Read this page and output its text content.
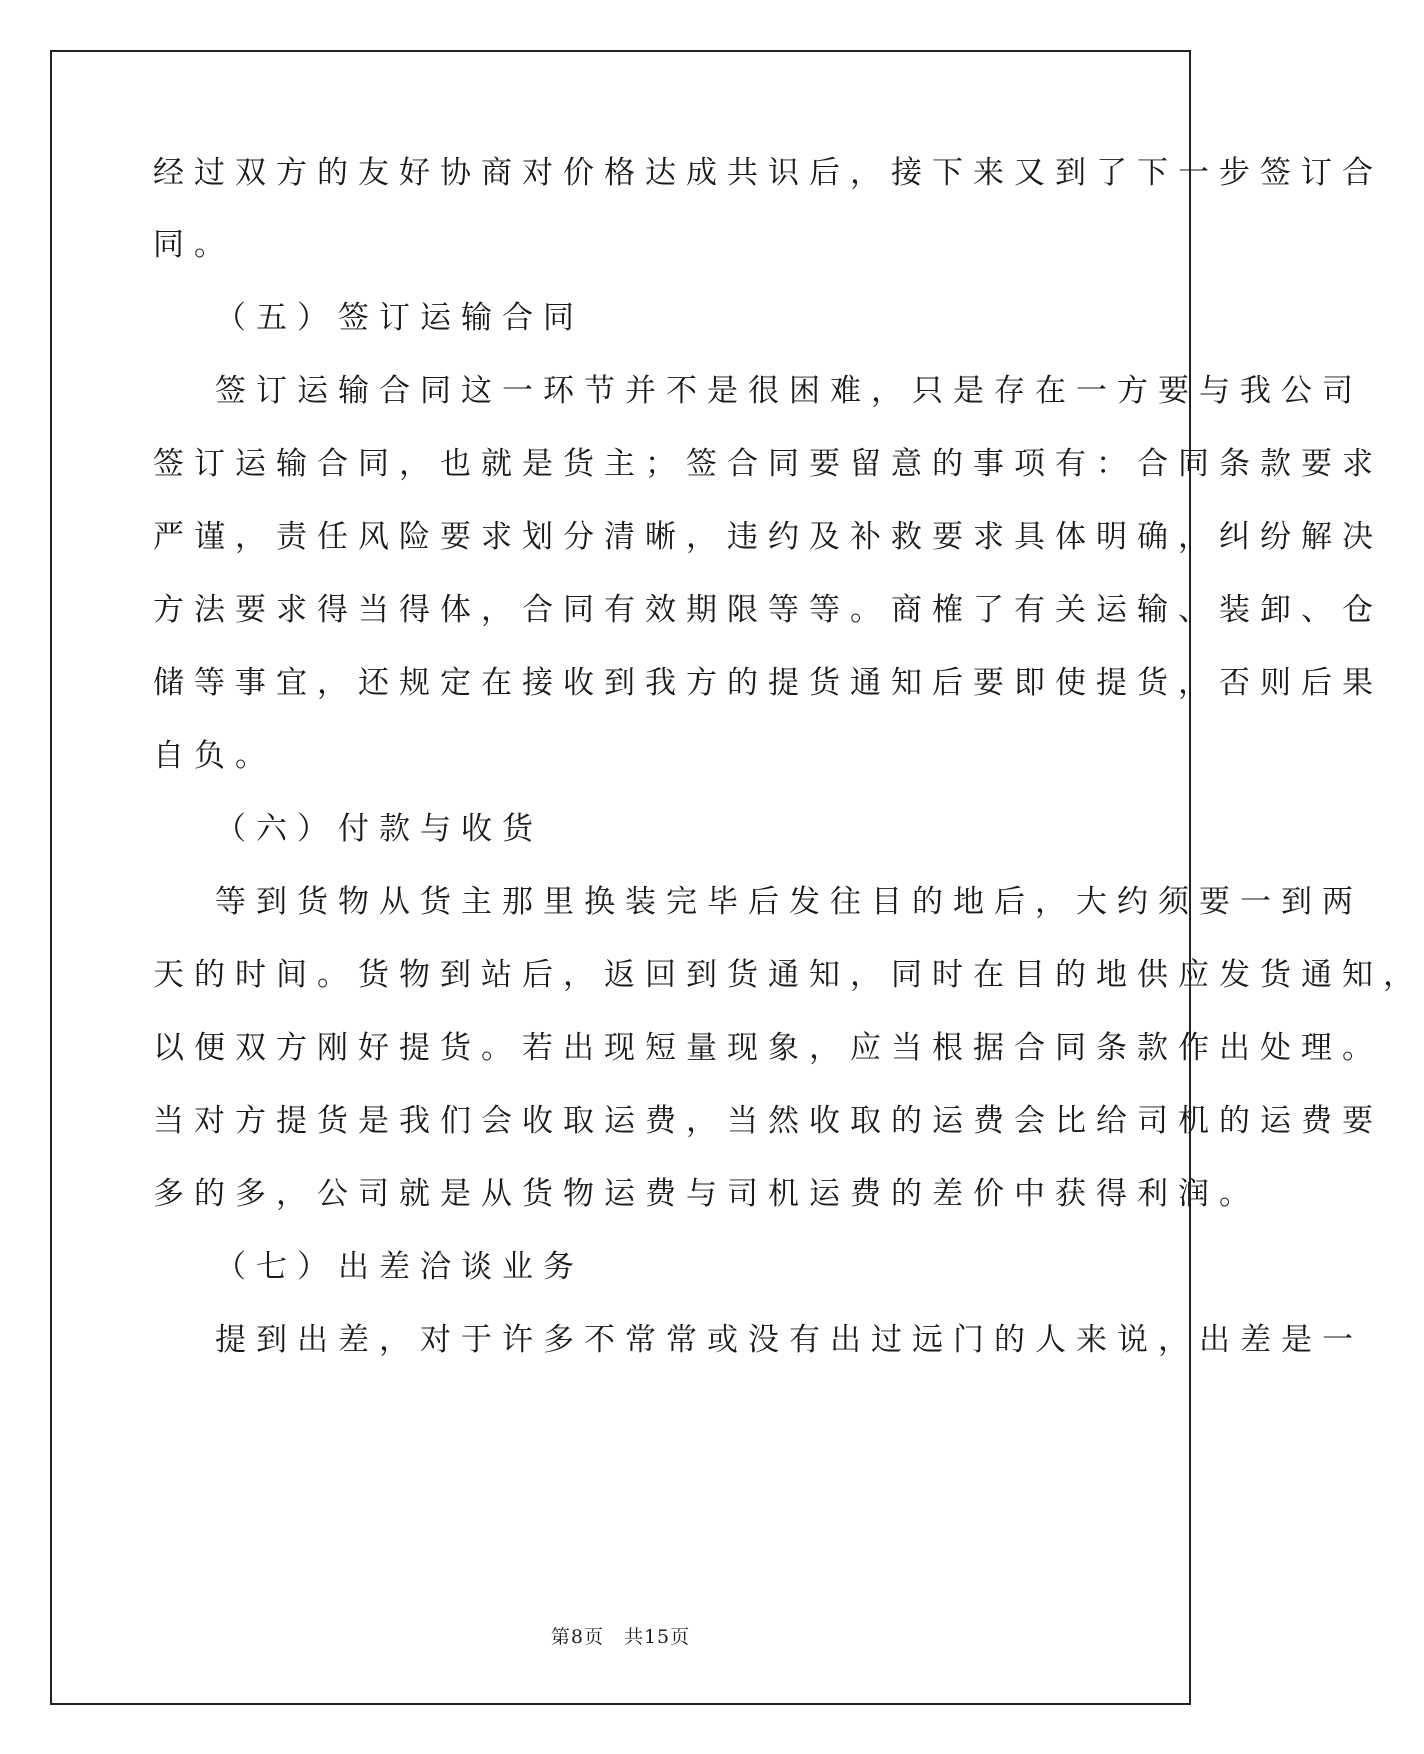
经过双方的友好协商对价格达成共识后，接下来又到了下一步签订合
同。
（五）签订运输合同
签订运输合同这一环节并不是很困难，只是存在一方要与我公司
签订运输合同，也就是货主；签合同要留意的事项有：合同条款要求
严谨，责任风险要求划分清晰，违约及补救要求具体明确，纠纷解决
方法要求得当得体，合同有效期限等等。商榷了有关运输、装卸、仓
储等事宜，还规定在接收到我方的提货通知后要即使提货，否则后果
自负。
（六）付款与收货
等到货物从货主那里换装完毕后发往目的地后，大约须要一到两
天的时间。货物到站后，返回到货通知，同时在目的地供应发货通知，
以便双方刚好提货。若出现短量现象，应当根据合同条款作出处理。
当对方提货是我们会收取运费，当然收取的运费会比给司机的运费要
多的多，公司就是从货物运费与司机运费的差价中获得利润。
（七）出差洽谈业务
提到出差，对于许多不常常或没有出过远门的人来说，出差是一
第8页 共15页
